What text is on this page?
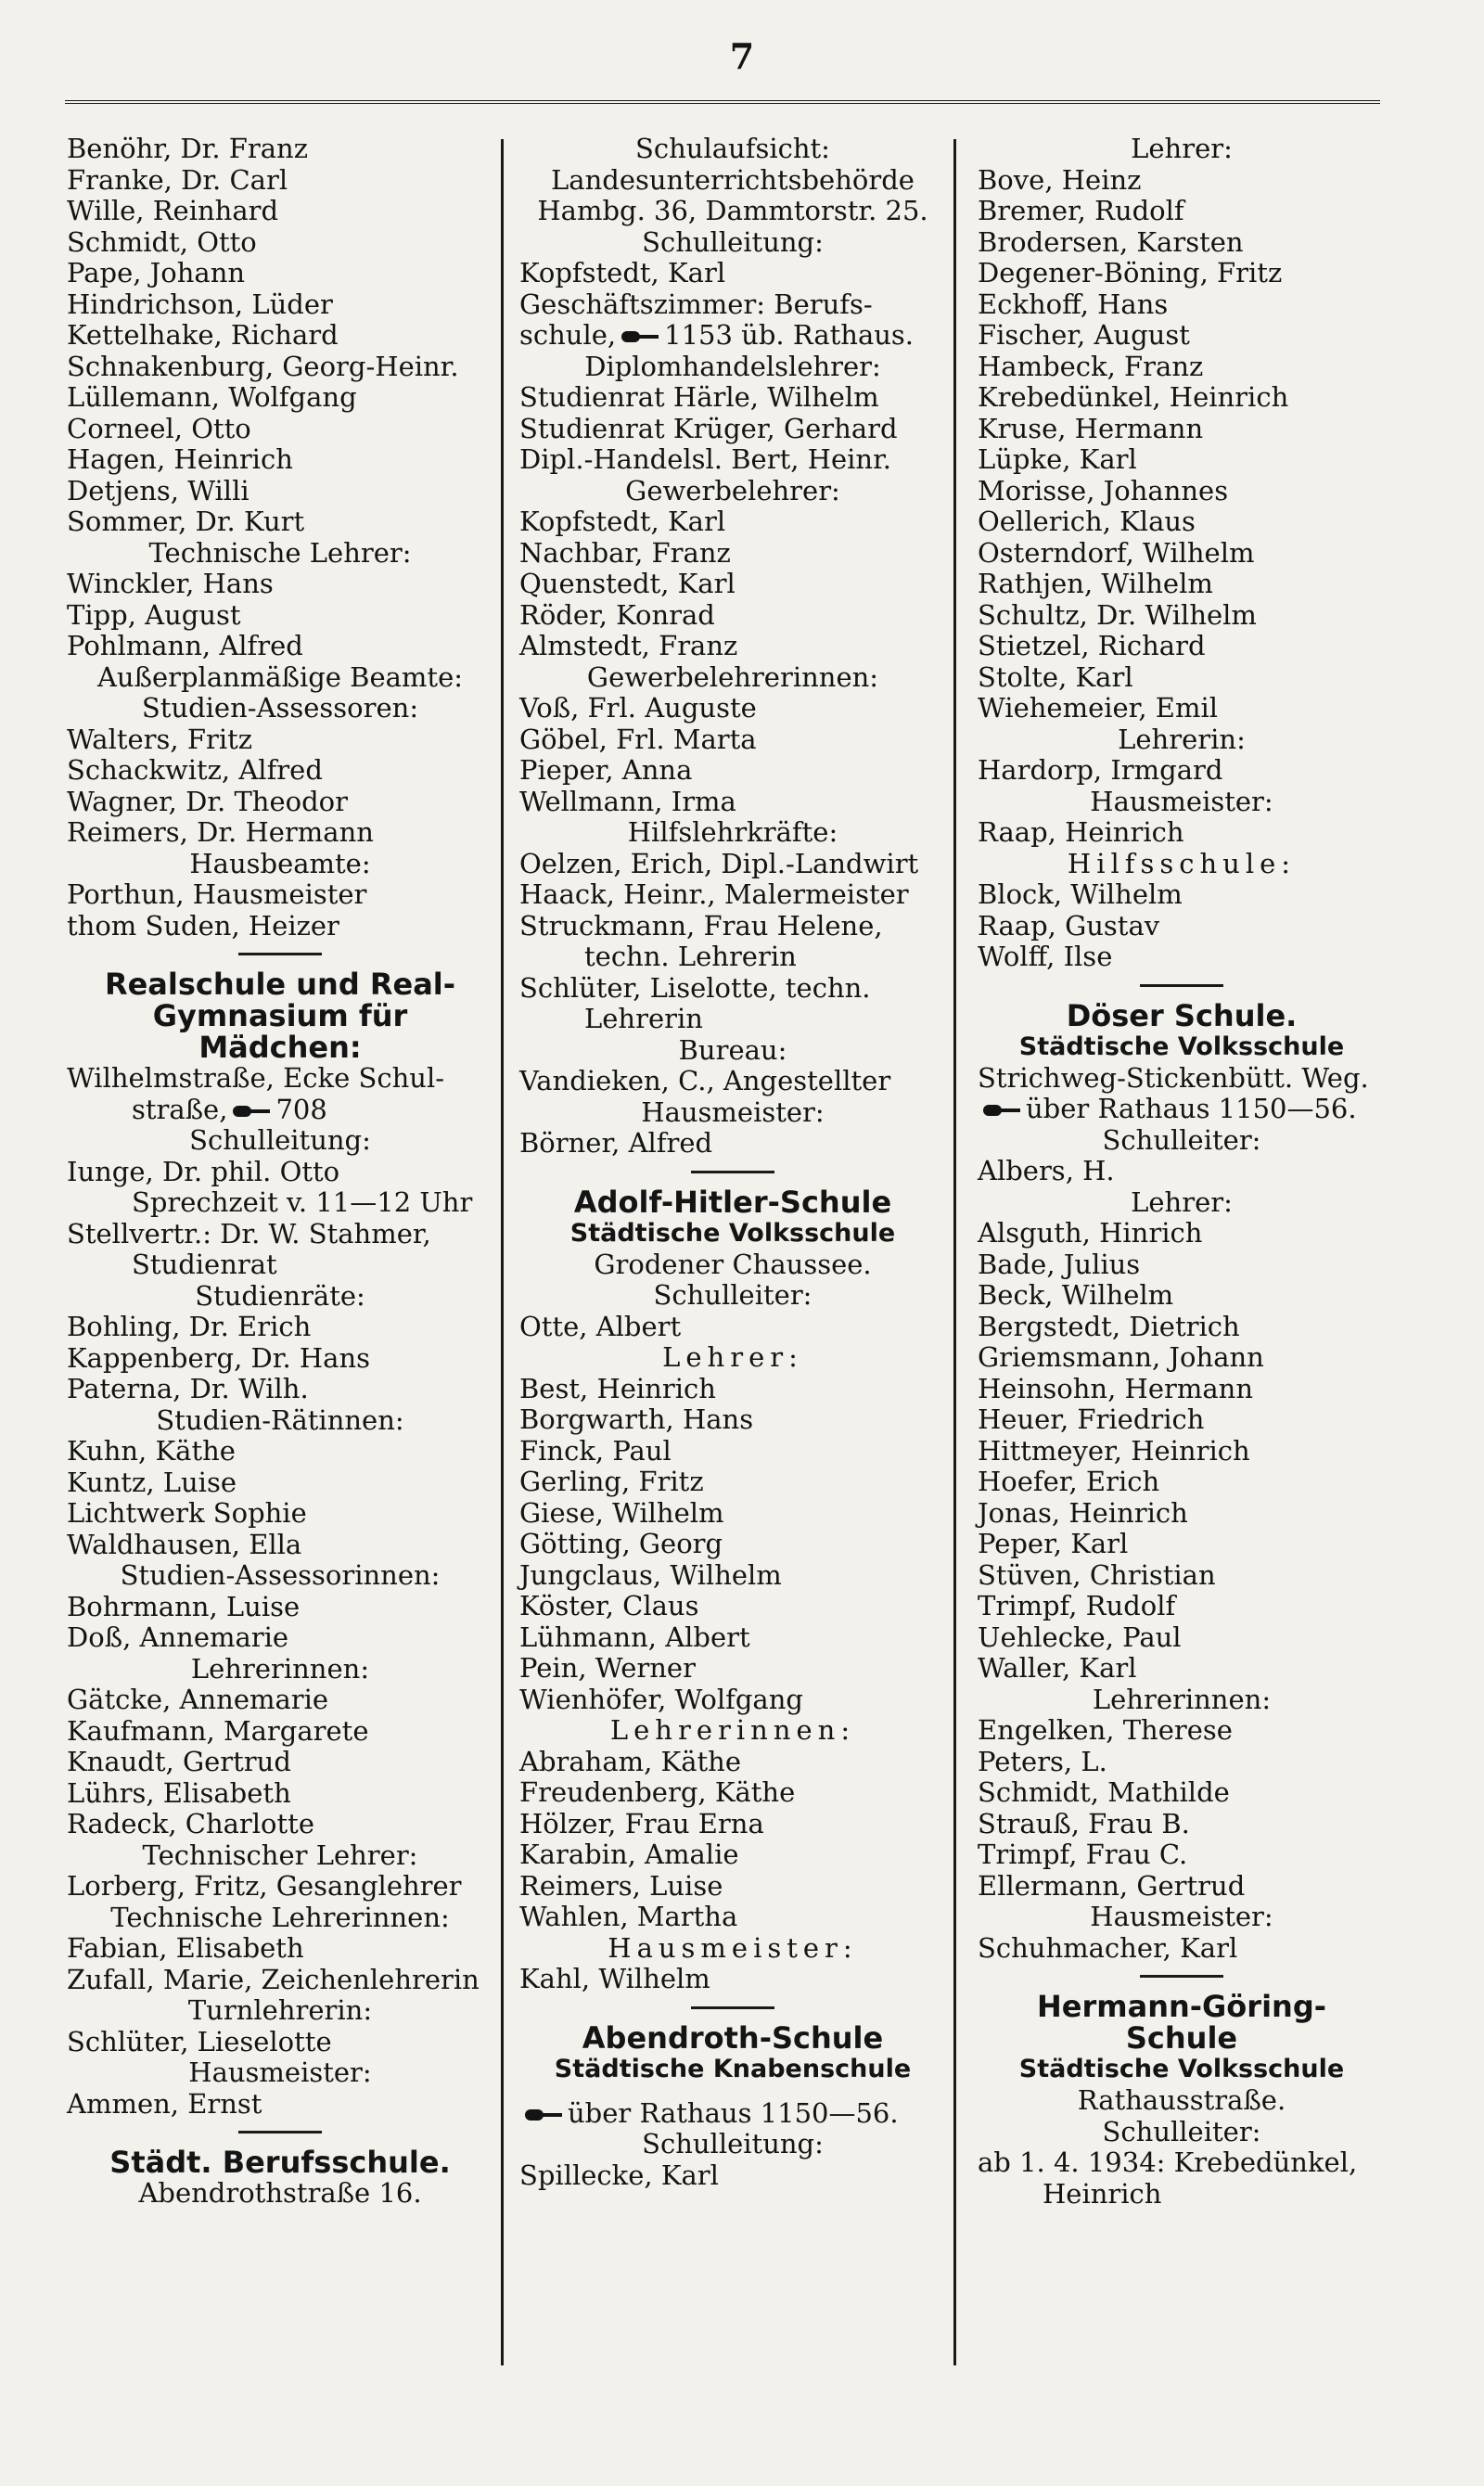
7
Benöhr, Dr. Franz
Franke, Dr. Carl
Wille, Reinhard
Schmidt, Otto
Pape, Johann
Hindrichson, Lüder
Kettelhake, Richard
Schnakenburg, Georg-Heinr.
Lüllemann, Wolfgang
Corneel, Otto
Hagen, Heinrich
Detjens, Willi
Sommer, Dr. Kurt
Technische Lehrer:
Winckler, Hans
Tipp, August
Pohlmann, Alfred
Außerplanmäßige Beamte:
Studien-Assessoren:
Walters, Fritz
Schackwitz, Alfred
Wagner, Dr. Theodor
Reimers, Dr. Hermann
Hausbeamte:
Porthun, Hausmeister
thom Suden, Heizer
Realschule und Real-
Gymnasium für
Mädchen:
Wilhelmstraße, Ecke Schul-
straße, 708
Schulleitung:
Iunge, Dr. phil. Otto
Sprechzeit v. 11—12 Uhr
Stellvertr.: Dr. W. Stahmer,
Studienrat
Studienräte:
Bohling, Dr. Erich
Kappenberg, Dr. Hans
Paterna, Dr. Wilh.
Studien-Rätinnen:
Kuhn, Käthe
Kuntz, Luise
Lichtwerk Sophie
Waldhausen, Ella
Studien-Assessorinnen:
Bohrmann, Luise
Doß, Annemarie
Lehrerinnen:
Gätcke, Annemarie
Kaufmann, Margarete
Knaudt, Gertrud
Lührs, Elisabeth
Radeck, Charlotte
Technischer Lehrer:
Lorberg, Fritz, Gesanglehrer
Technische Lehrerinnen:
Fabian, Elisabeth
Zufall, Marie, Zeichenlehrerin
Turnlehrerin:
Schlüter, Lieselotte
Hausmeister:
Ammen, Ernst
Städt. Berufsschule.
Abendrothstraße 16.
Schulaufsicht:
Landesunterrichtsbehörde
Hambg. 36, Dammtorstr. 25.
Schulleitung:
Kopfstedt, Karl
Geschäftszimmer: Berufs-
schule, 1153 üb. Rathaus.
Diplomhandelslehrer:
Studienrat Härle, Wilhelm
Studienrat Krüger, Gerhard
Dipl.-Handelsl. Bert, Heinr.
Gewerbelehrer:
Kopfstedt, Karl
Nachbar, Franz
Quenstedt, Karl
Röder, Konrad
Almstedt, Franz
Gewerbelehrerinnen:
Voß, Frl. Auguste
Göbel, Frl. Marta
Pieper, Anna
Wellmann, Irma
Hilfslehrkräfte:
Oelzen, Erich, Dipl.-Landwirt
Haack, Heinr., Malermeister
Struckmann, Frau Helene,
techn. Lehrerin
Schlüter, Liselotte, techn.
Lehrerin
Bureau:
Vandieken, C., Angestellter
Hausmeister:
Börner, Alfred
Adolf-Hitler-Schule
Städtische Volksschule
Grodener Chaussee.
Schulleiter:
Otte, Albert
Lehrer:
Best, Heinrich
Borgwarth, Hans
Finck, Paul
Gerling, Fritz
Giese, Wilhelm
Götting, Georg
Jungclaus, Wilhelm
Köster, Claus
Lühmann, Albert
Pein, Werner
Wienhöfer, Wolfgang
Lehrerinnen:
Abraham, Käthe
Freudenberg, Käthe
Hölzer, Frau Erna
Karabin, Amalie
Reimers, Luise
Wahlen, Martha
Hausmeister:
Kahl, Wilhelm
Abendroth-Schule
Städtische Knabenschule
über Rathaus 1150—56.
Schulleitung:
Spillecke, Karl
Lehrer:
Bove, Heinz
Bremer, Rudolf
Brodersen, Karsten
Degener-Böning, Fritz
Eckhoff, Hans
Fischer, August
Hambeck, Franz
Krebedünkel, Heinrich
Kruse, Hermann
Lüpke, Karl
Morisse, Johannes
Oellerich, Klaus
Osterndorf, Wilhelm
Rathjen, Wilhelm
Schultz, Dr. Wilhelm
Stietzel, Richard
Stolte, Karl
Wiehemeier, Emil
Lehrerin:
Hardorp, Irmgard
Hausmeister:
Raap, Heinrich
Hilfsschule:
Block, Wilhelm
Raap, Gustav
Wolff, Ilse
Döser Schule.
Städtische Volksschule
Strichweg-Stickenbütt. Weg.
über Rathaus 1150—56.
Schulleiter:
Albers, H.
Lehrer:
Alsguth, Hinrich
Bade, Julius
Beck, Wilhelm
Bergstedt, Dietrich
Griemsmann, Johann
Heinsohn, Hermann
Heuer, Friedrich
Hittmeyer, Heinrich
Hoefer, Erich
Jonas, Heinrich
Peper, Karl
Stüven, Christian
Trimpf, Rudolf
Uehlecke, Paul
Waller, Karl
Lehrerinnen:
Engelken, Therese
Peters, L.
Schmidt, Mathilde
Strauß, Frau B.
Trimpf, Frau C.
Ellermann, Gertrud
Hausmeister:
Schuhmacher, Karl
Hermann-Göring-
Schule
Städtische Volksschule
Rathausstraße.
Schulleiter:
ab 1. 4. 1934: Krebedünkel,
Heinrich
